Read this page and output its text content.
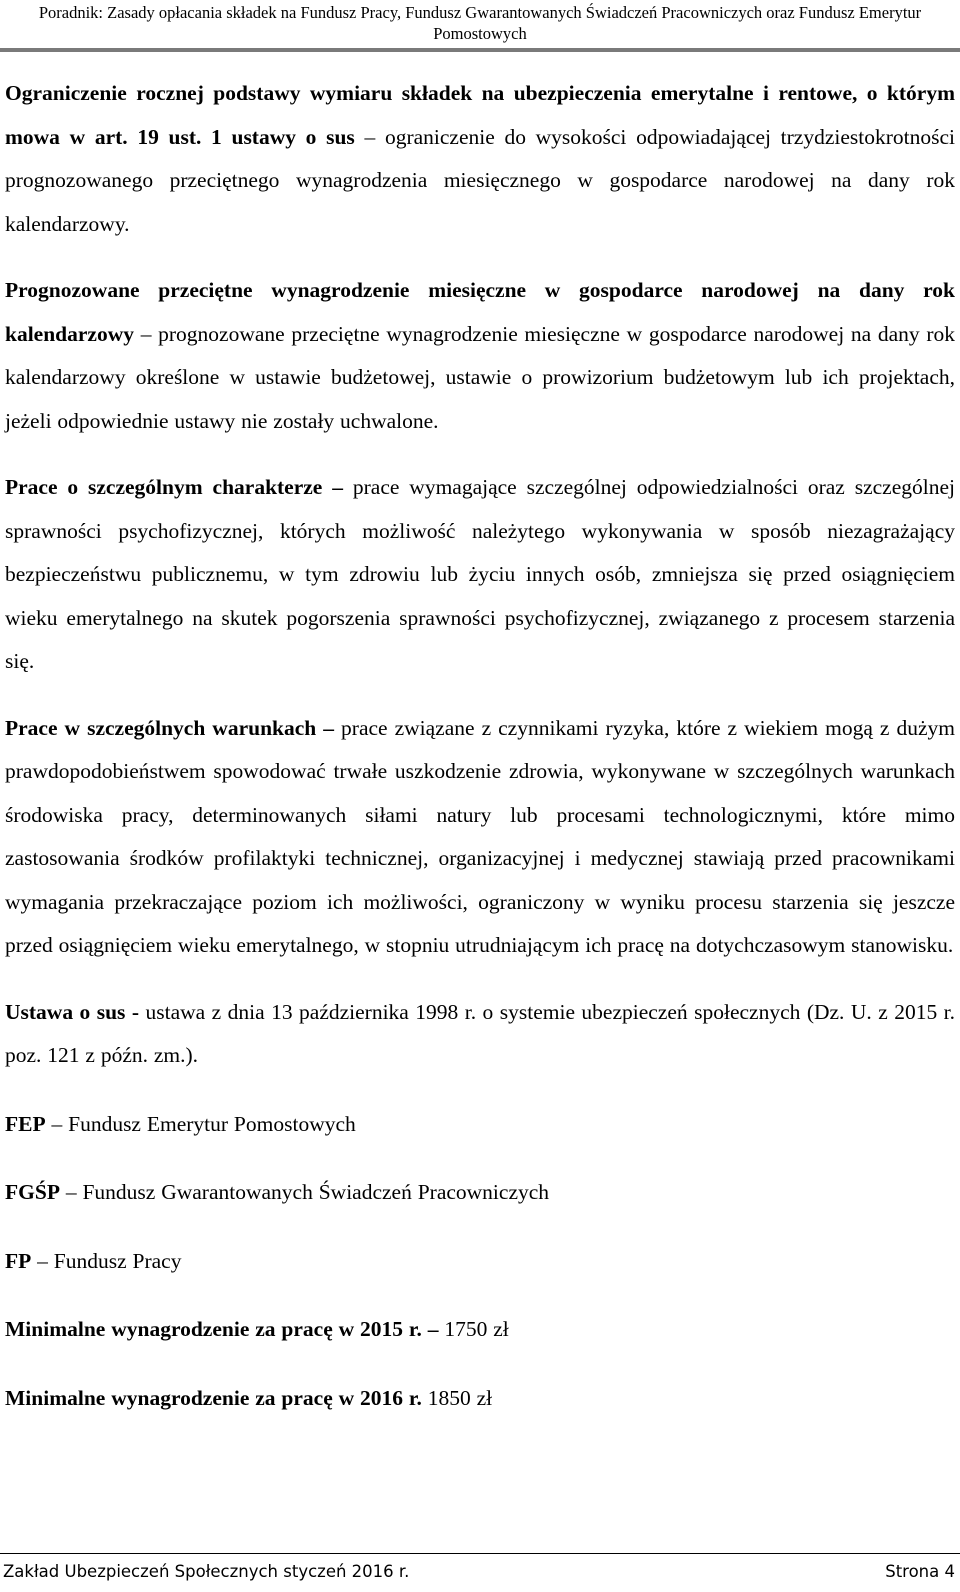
Poradnik: Zasady opłacania składek na Fundusz Pracy, Fundusz Gwarantowanych Świadczeń Pracowniczych oraz Fundusz Emerytur Pomostowych

Ograniczenie rocznej podstawy wymiaru składek na ubezpieczenia emerytalne i rentowe, o którym mowa w art. 19 ust. 1 ustawy o sus – ograniczenie do wysokości odpowiadającej trzydziestokrotności prognozowanego przeciętnego wynagrodzenia miesięcznego w gospodarce narodowej na dany rok kalendarzowy.

Prognozowane przeciętne wynagrodzenie miesięczne w gospodarce narodowej na dany rok kalendarzowy – prognozowane przeciętne wynagrodzenie miesięczne w gospodarce narodowej na dany rok kalendarzowy określone w ustawie budżetowej, ustawie o prowizorium budżetowym lub ich projektach, jeżeli odpowiednie ustawy nie zostały uchwalone.

Prace o szczególnym charakterze – prace wymagające szczególnej odpowiedzialności oraz szczególnej sprawności psychofizycznej, których możliwość należytego wykonywania w sposób niezagrażający bezpieczeństwu publicznemu, w tym zdrowiu lub życiu innych osób, zmniejsza się przed osiągnięciem wieku emerytalnego na skutek pogorszenia sprawności psychofizycznej, związanego z procesem starzenia się.

Prace w szczególnych warunkach – prace związane z czynnikami ryzyka, które z wiekiem mogą z dużym prawdopodobieństwem spowodować trwałe uszkodzenie zdrowia, wykonywane w szczególnych warunkach środowiska pracy, determinowanych siłami natury lub procesami technologicznymi, które mimo zastosowania środków profilaktyki technicznej, organizacyjnej i medycznej stawiają przed pracownikami wymagania przekraczające poziom ich możliwości, ograniczony w wyniku procesu starzenia się jeszcze przed osiągnięciem wieku emerytalnego, w stopniu utrudniającym ich pracę na dotychczasowym stanowisku.

Ustawa o sus - ustawa z dnia 13 października 1998 r. o systemie ubezpieczeń społecznych (Dz. U. z 2015 r. poz. 121 z późn. zm.).

FEP – Fundusz Emerytur Pomostowych

FGŚP – Fundusz Gwarantowanych Świadczeń Pracowniczych

FP – Fundusz Pracy

Minimalne wynagrodzenie za pracę w 2015 r. – 1750 zł

Minimalne wynagrodzenie za pracę w 2016 r. 1850 zł

Zakład Ubezpieczeń Społecznych styczeń 2016 r.	Strona 4
